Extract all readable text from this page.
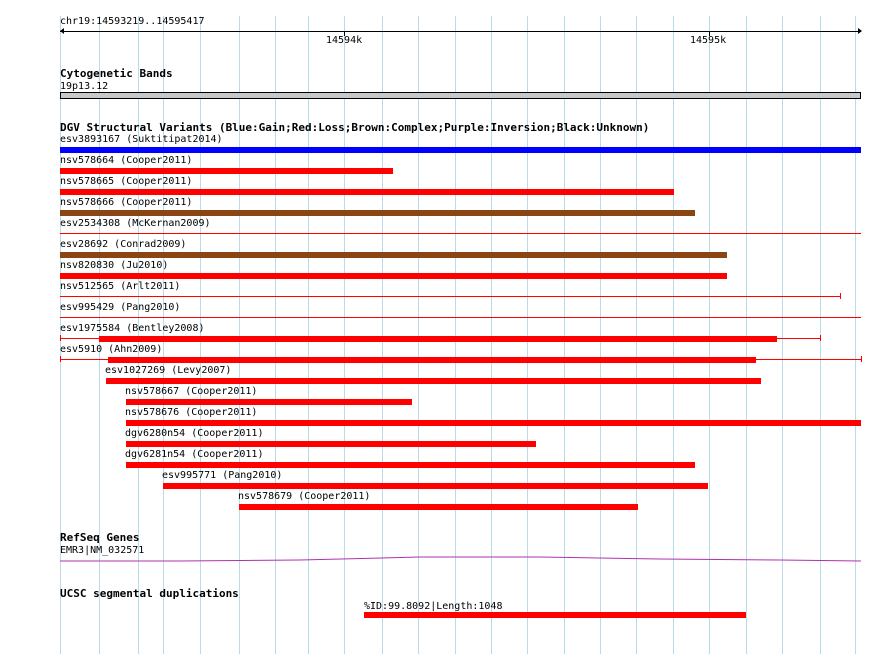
chr19:14593219..14595417
14594k	14595k
Cytogenetic Bands
19p13.12
DGV Structural Variants (Blue:Gain;Red:Loss;Brown:Complex;Purple:Inversion;Black:Unknown)
esv3893167 (Suktitipat2014)
nsv578664 (Cooper2011)
nsv578665 (Cooper2011)
nsv578666 (Cooper2011)
esv2534308 (McKernan2009)
esv28692 (Conrad2009)
nsv820830 (Ju2010)
nsv512565 (Arlt2011)
esv995429 (Pang2010)
esv1975584 (Bentley2008)
esv5910 (Ahn2009)
esv1027269 (Levy2007)
nsv578667 (Cooper2011)
nsv578676 (Cooper2011)
dgv6280n54 (Cooper2011)
dgv6281n54 (Cooper2011)
esv995771 (Pang2010)
nsv578679 (Cooper2011)
RefSeq Genes
EMR3|NM_032571
UCSC segmental duplications
%ID:99.8092|Length:1048
